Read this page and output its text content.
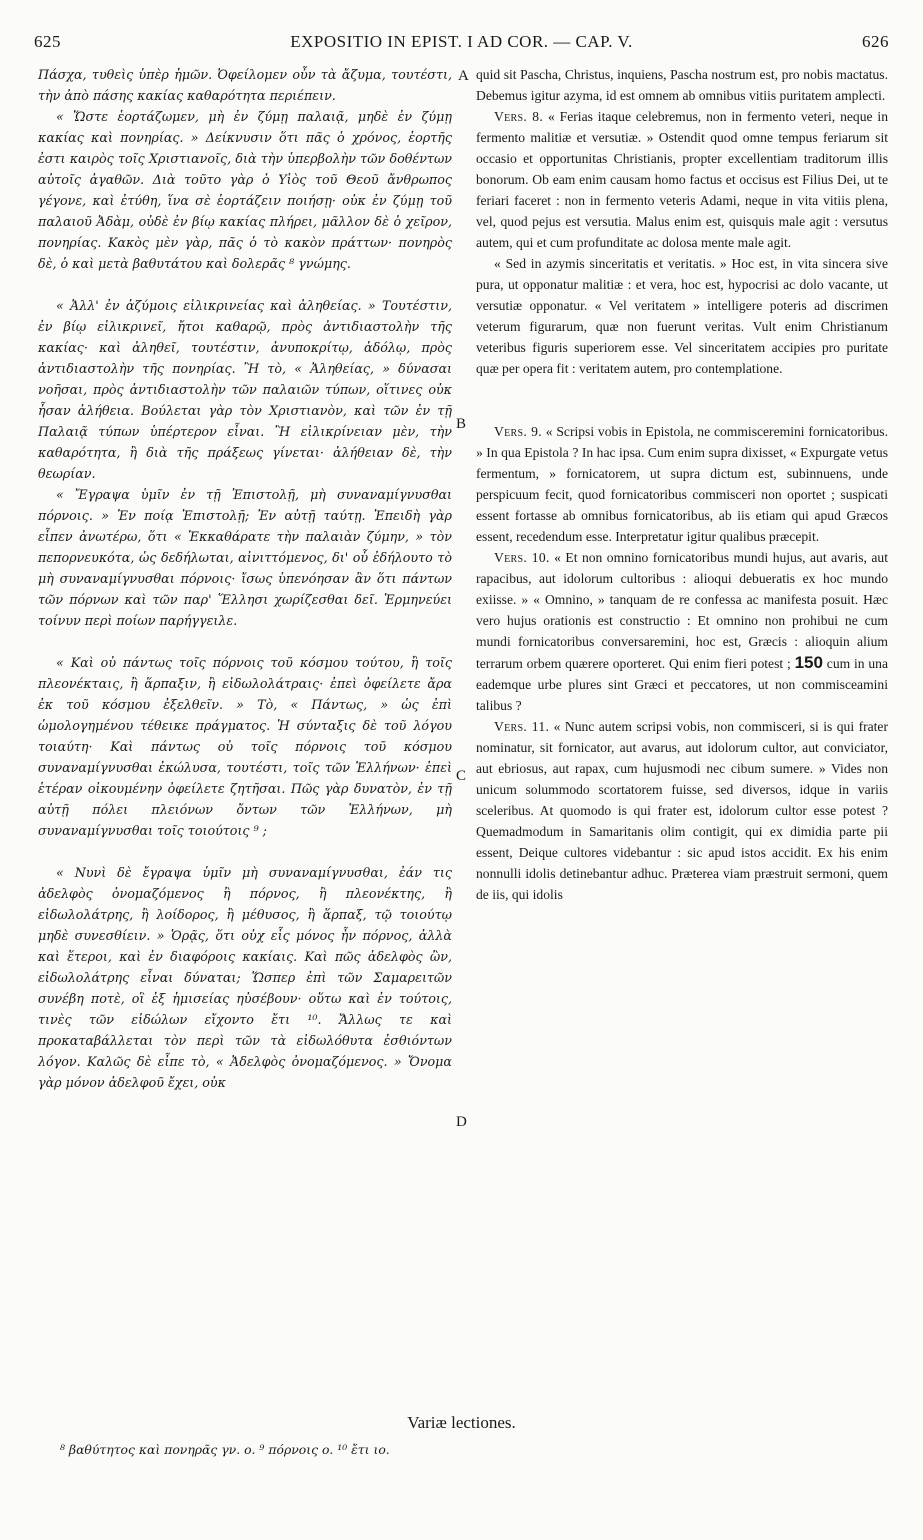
625	EXPOSITIO IN EPIST. I AD COR. — CAP. V.	626

Πάσχα, τυθεὶς ὑπὲρ ἡμῶν. Ὀφείλομεν οὖν τὰ ἄζυμα, τουτέστι, τὴν ἀπὸ πάσης κακίας καθαρότητα περιέπειν.

« Ὥστε ἑορτάζωμεν, μὴ ἐν ζύμῃ παλαιᾷ, μηδὲ ἐν ζύμῃ κακίας καὶ πονηρίας. » Δείκνυσιν ὅτι πᾶς ὁ χρόνος, ἑορτῆς ἐστι καιρὸς τοῖς Χριστιανοῖς, διὰ τὴν ὑπερβολὴν τῶν δοθέντων αὐτοῖς ἀγαθῶν. Διὰ τοῦτο γὰρ ὁ Υἱὸς τοῦ Θεοῦ ἄνθρωπος γέγονε, καὶ ἐτύθη, ἵνα σὲ ἑορτάζειν ποιήσῃ· οὐκ ἐν ζύμῃ τοῦ παλαιοῦ Ἀδὰμ, οὐδὲ ἐν βίῳ κακίας πλήρει, μᾶλλον δὲ ὁ χεῖρον, πονηρίας. Κακὸς μὲν γὰρ, πᾶς ὁ τὸ κακὸν πράττων· πονηρὸς δὲ, ὁ καὶ μετὰ βαθυτάτου καὶ δολερᾶς ⁸ γνώμης.

« Ἀλλ' ἐν ἀζύμοις εἰλικρινείας καὶ ἀληθείας. » Τουτέστιν, ἐν βίῳ εἰλικρινεῖ, ἤτοι καθαρῷ, πρὸς ἀντιδιαστολὴν τῆς κακίας· καὶ ἀληθεῖ, τουτέστιν, ἀνυποκρίτῳ, ἀδόλῳ, πρὸς ἀντιδιαστολὴν τῆς πονηρίας. Ἢ τὸ, « Ἀληθείας, » δύνασαι νοῆσαι, πρὸς ἀντιδιαστολὴν τῶν παλαιῶν τύπων, οἵτινες οὐκ ἦσαν ἀλήθεια. Βούλεται γὰρ τὸν Χριστιανὸν, καὶ τῶν ἐν τῇ Παλαιᾷ τύπων ὑπέρτερον εἶναι. Ἢ εἰλικρίνειαν μὲν, τὴν καθαρότητα, ἢ διὰ τῆς πράξεως γίνεται· ἀλήθειαν δὲ, τὴν θεωρίαν.

« Ἔγραψα ὑμῖν ἐν τῇ Ἐπιστολῇ, μὴ συναναμίγνυσθαι πόρνοις. » Ἐν ποίᾳ Ἐπιστολῇ; Ἐν αὐτῇ ταύτῃ. Ἐπειδὴ γὰρ εἶπεν ἀνωτέρω, ὅτι « Ἐκκαθάρατε τὴν παλαιὰν ζύμην, » τὸν πεπορνευκότα, ὡς δεδήλωται, αἰνιττόμενος, δι' οὗ ἐδήλουτο τὸ μὴ συναναμίγνυσθαι πόρνοις· ἴσως ὑπενόησαν ἂν ὅτι πάντων τῶν πόρνων καὶ τῶν παρ' Ἕλλησι χωρίζεσθαι δεῖ. Ἑρμηνεύει τοίνυν περὶ ποίων παρήγγειλε.

« Καὶ οὐ πάντως τοῖς πόρνοις τοῦ κόσμου τούτου, ἢ τοῖς πλεονέκταις, ἢ ἅρπαξιν, ἢ εἰδωλολάτραις· ἐπεὶ ὀφείλετε ἄρα ἐκ τοῦ κόσμου ἐξελθεῖν. » Τὸ, « Πάντως, » ὡς ἐπὶ ὡμολογημένου τέθεικε πράγματος. Ἡ σύνταξις δὲ τοῦ λόγου τοιαύτη· Καὶ πάντως οὐ τοῖς πόρνοις τοῦ κόσμου συναναμίγνυσθαι ἐκώλυσα, τουτέστι, τοῖς τῶν Ἑλλήνων· ἐπεὶ ἑτέραν οἰκουμένην ὀφείλετε ζητῆσαι. Πῶς γὰρ δυνατὸν, ἐν τῇ αὐτῇ πόλει πλειόνων ὄντων τῶν Ἑλλήνων, μὴ συναναμίγνυσθαι τοῖς τοιούτοις ⁹ ;

« Νυνὶ δὲ ἔγραψα ὑμῖν μὴ συναναμίγνυσθαι, ἐάν τις ἀδελφὸς ὀνομαζόμενος ἢ πόρνος, ἢ πλεονέκτης, ἢ εἰδωλολάτρης, ἢ λοίδορος, ἢ μέθυσος, ἢ ἅρπαξ, τῷ τοιούτῳ μηδὲ συνεσθίειν. » Ὁρᾷς, ὅτι οὐχ εἷς μόνος ἦν πόρνος, ἀλλὰ καὶ ἕτεροι, καὶ ἐν διαφόροις κακίαις. Καὶ πῶς ἀδελφὸς ὢν, εἰδωλολάτρης εἶναι δύναται; Ὥσπερ ἐπὶ τῶν Σαμαρειτῶν συνέβη ποτὲ, οἳ ἐξ ἡμισείας ηὐσέβουν· οὕτω καὶ ἐν τούτοις, τινὲς τῶν εἰδώλων εἴχοντο ἔτι ¹⁰. Ἄλλως τε καὶ προκαταβάλλεται τὸν περὶ τῶν τὰ εἰδωλόθυτα ἐσθιόντων λόγον. Καλῶς δὲ εἶπε τὸ, « Ἀδελφὸς ὀνομαζόμενος. » Ὄνομα γὰρ μόνον ἀδελφοῦ ἔχει, οὐκ

A
B
C
D

quid sit Pascha, Christus, inquiens, Pascha nostrum est, pro nobis mactatus. Debemus igitur azyma, id est omnem ab omnibus vitiis puritatem amplecti.

Vers. 8. « Ferias itaque celebremus, non in fermento veteri, neque in fermento malitiæ et versutiæ. » Ostendit quod omne tempus feriarum sit occasio et opportunitas Christianis, propter excellentiam traditorum illis bonorum. Ob eam enim causam homo factus et occisus est Filius Dei, ut te feriari faceret : non in fermento veteris Adami, neque in vita vitiis plena, vel, quod pejus est versutia. Malus enim est, quisquis male agit : versutus autem, qui et cum profunditate ac dolosa mente male agit.

« Sed in azymis sinceritatis et veritatis. » Hoc est, in vita sincera sive pura, ut opponatur malitiæ : et vera, hoc est, hypocrisi ac dolo vacante, ut versutiæ opponatur. « Vel veritatem » intelligere poteris ad discrimen veterum figurarum, quæ non fuerunt veritas. Vult enim Christianum veteribus figuris superiorem esse. Vel sinceritatem accipies pro puritate quæ per opera fit : veritatem autem, pro contemplatione.

Vers. 9. « Scripsi vobis in Epistola, ne commisceremini fornicatoribus. » In qua Epistola ? In hac ipsa. Cum enim supra dixisset, « Expurgate vetus fermentum, » fornicatorem, ut supra dictum est, subinnuens, unde perspicuum fecit, quod fornicatoribus commisceri non oportet ; suspicati essent fortasse ab omnibus fornicatoribus, ab iis etiam qui apud Græcos essent, recedendum esse. Interpretatur igitur qualibus præcepit.

Vers. 10. « Et non omnino fornicatoribus mundi hujus, aut avaris, aut rapacibus, aut idolorum cultoribus : alioqui debueratis ex hoc mundo exiisse. » « Omnino, » tanquam de re confessa ac manifesta posuit. Hæc vero hujus orationis est constructio : Et omnino non prohibui ne cum mundi fornicatoribus conversaremini, hoc est, Græcis : alioquin alium terrarum orbem quærere oporteret. Qui enim fieri potest ; 150 cum in una eademque urbe plures sint Græci et peccatores, ut non commisceamini talibus ?

Vers. 11. « Nunc autem scripsi vobis, non commisceri, si is qui frater nominatur, sit fornicator, aut avarus, aut idolorum cultor, aut conviciator, aut ebriosus, aut rapax, cum hujusmodi nec cibum sumere. » Vides non unicum solummodo scortatorem fuisse, sed diversos, idque in variis sceleribus. At quomodo is qui frater est, idolorum cultor esse potest ? Quemadmodum in Samaritanis olim contigit, qui ex dimidia parte pii essent, Deique cultores videbantur : sic apud istos accidit. Ex his enim nonnulli idolis detinebantur adhuc. Præterea viam præstruit sermoni, quem de iis, qui idolis

Variæ lectiones.
⁸ βαθύτητος καὶ πονηρᾶς γν. ο. ⁹ πόρνοις ο. ¹⁰ ἔτι ιο.
